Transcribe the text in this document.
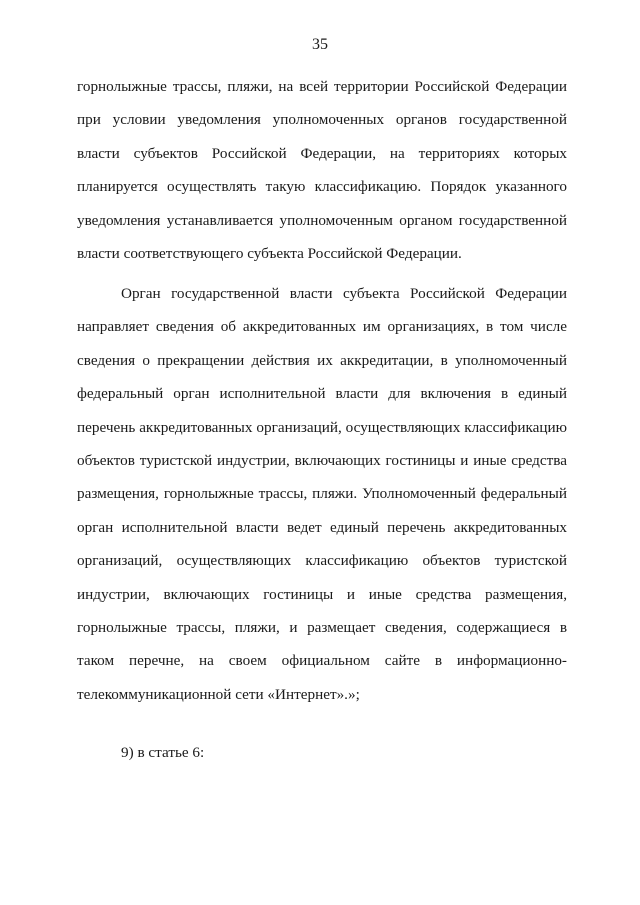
35
горнолыжные трассы, пляжи, на всей территории Российской Федерации
при условии уведомления уполномоченных органов государственной
власти субъектов Российской Федерации, на территориях которых
планируется осуществлять такую классификацию. Порядок указанного
уведомления устанавливается уполномоченным органом государственной
власти соответствующего субъекта Российской Федерации.
Орган государственной власти субъекта Российской Федерации
направляет сведения об аккредитованных им организациях, в том числе
сведения о прекращении действия их аккредитации, в уполномоченный
федеральный орган исполнительной власти для включения в единый
перечень аккредитованных организаций, осуществляющих классификацию
объектов туристской индустрии, включающих гостиницы и иные средства
размещения, горнолыжные трассы, пляжи. Уполномоченный федеральный
орган исполнительной власти ведет единый перечень аккредитованных
организаций, осуществляющих классификацию объектов туристской
индустрии, включающих гостиницы и иные средства размещения,
горнолыжные трассы, пляжи, и размещает сведения, содержащиеся в
таком перечне, на своем официальном сайте в информационно-
телекоммуникационной сети «Интернет».»;
9) в статье 6:
